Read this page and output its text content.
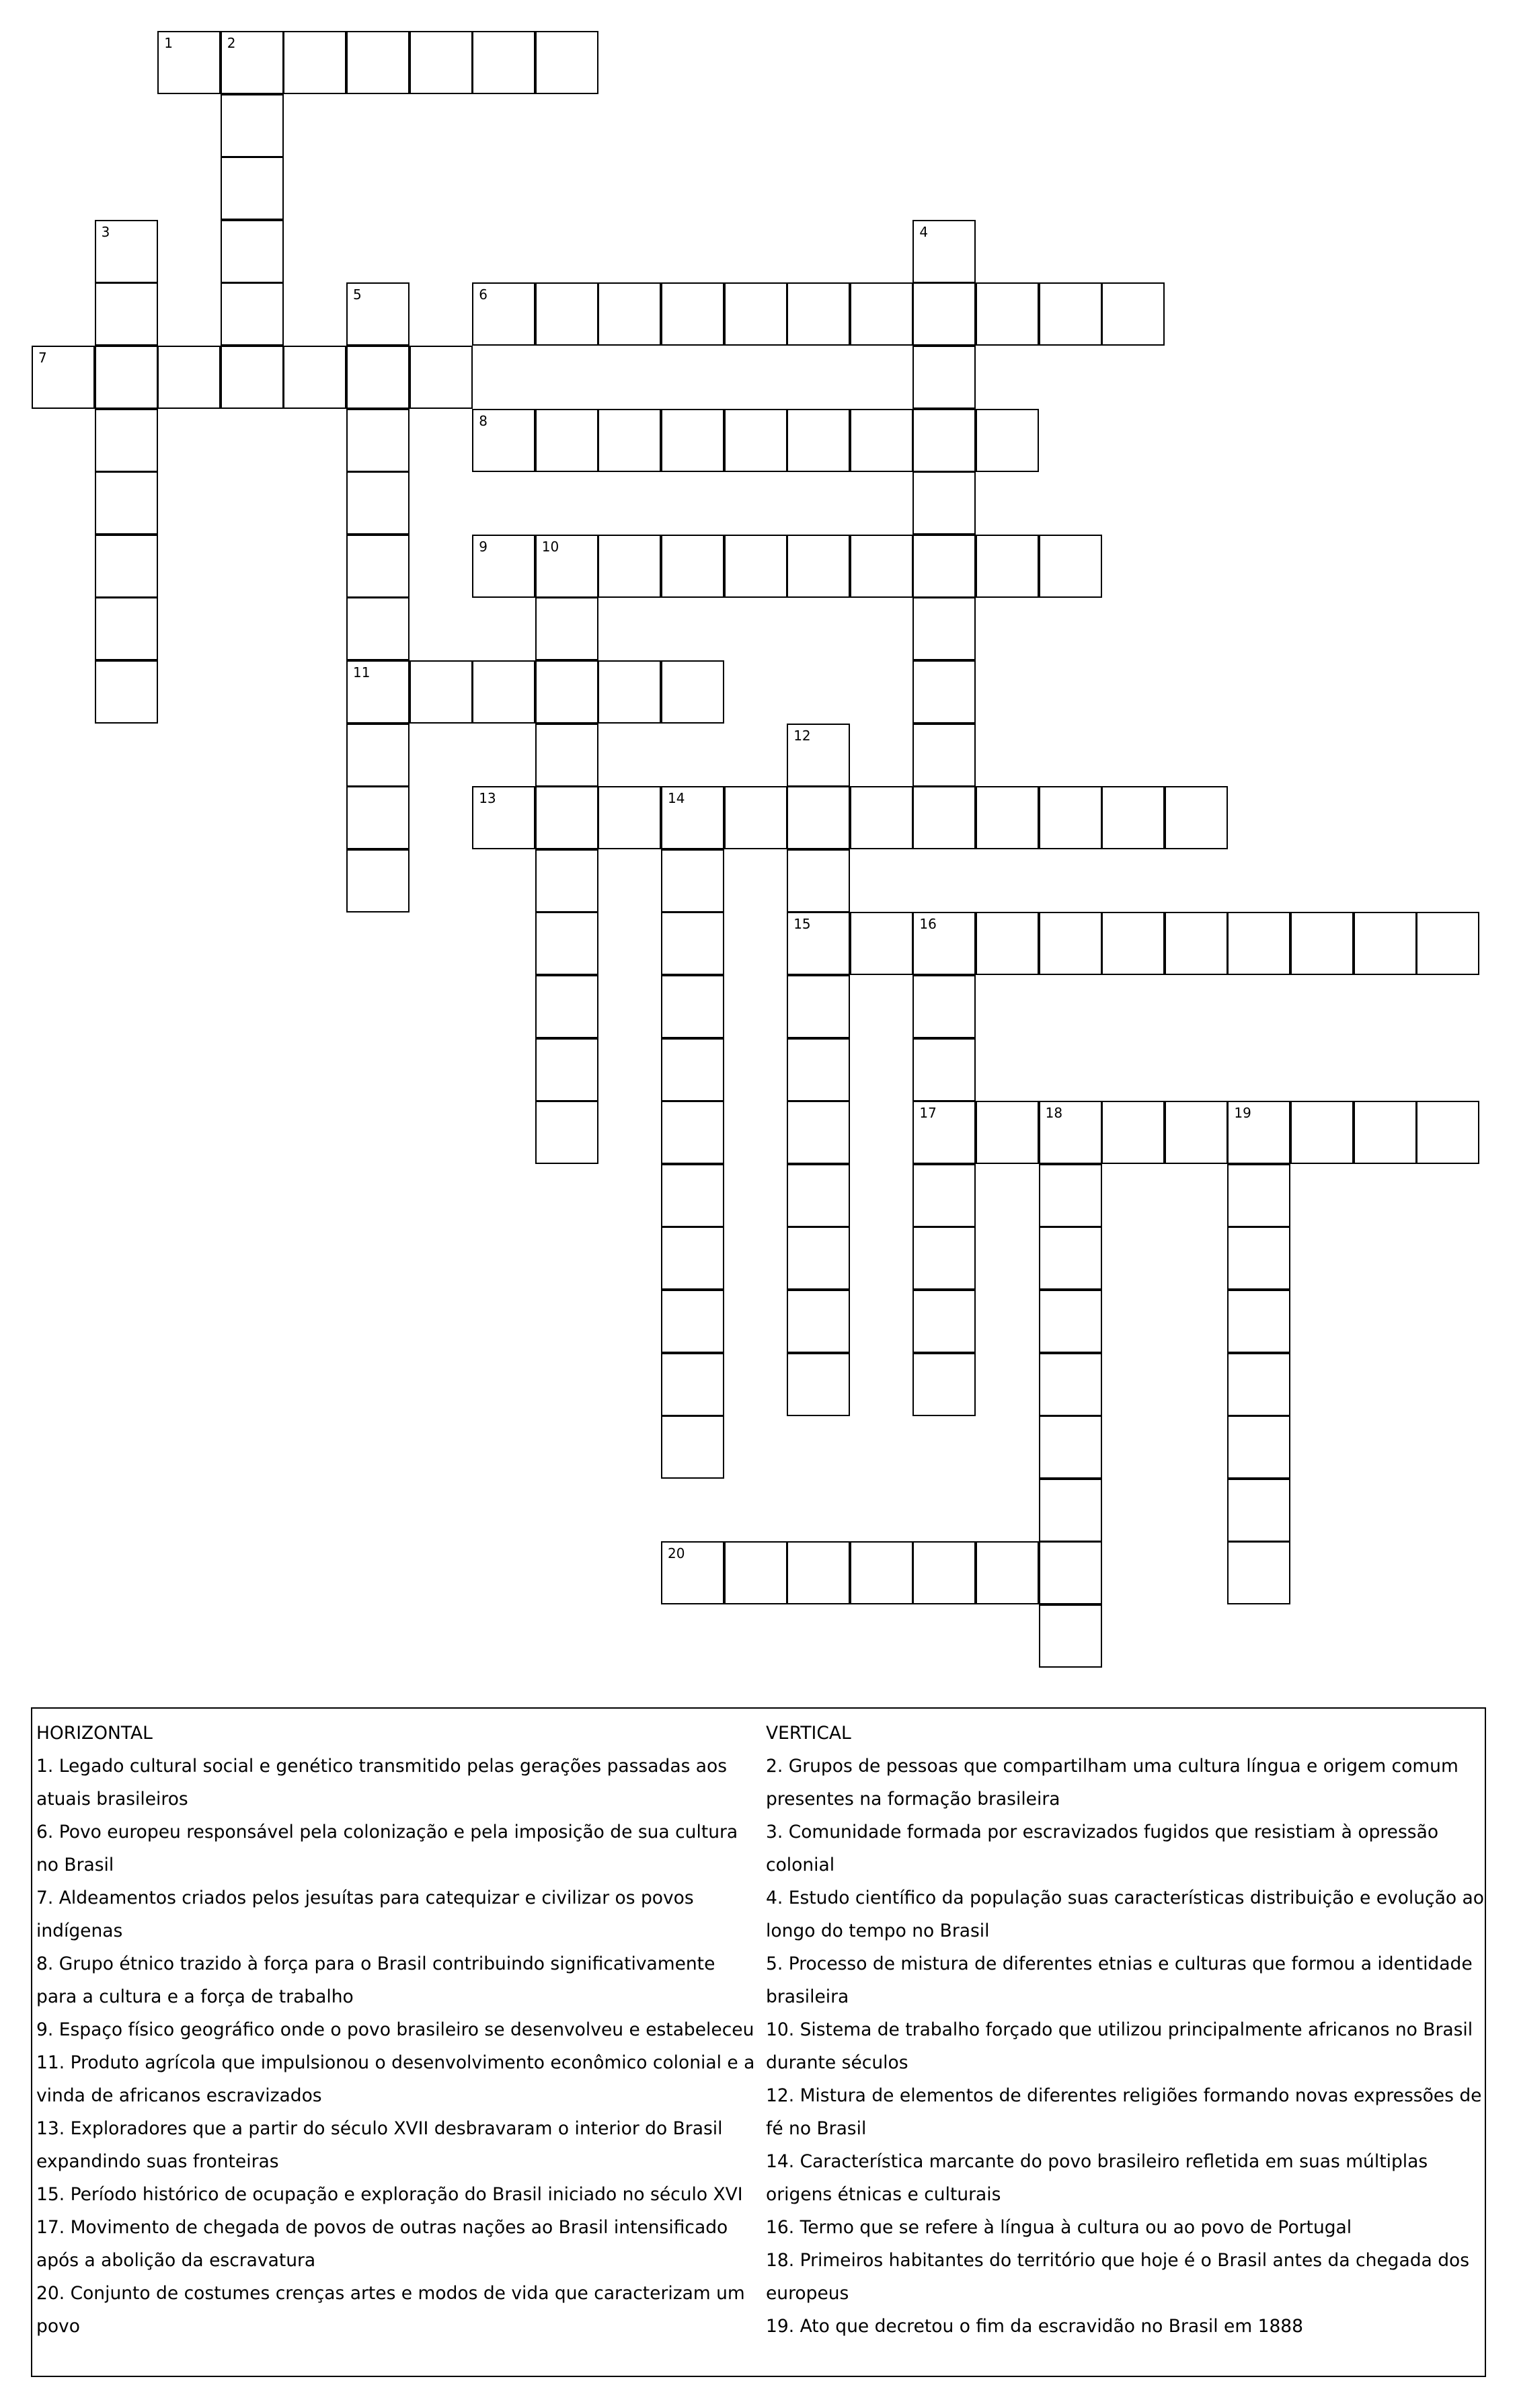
1	2
3	4
5
11
6
7
8
9	10
12
15
13	14
16
17	18	19
20
HORIZONTAL
1. Legado cultural social e genético transmitido pelas gerações passadas aos atuais brasileiros
6. Povo europeu responsável pela colonização e pela imposição de sua cultura no Brasil
7. Aldeamentos criados pelos jesuítas para catequizar e civilizar os povos indígenas
8. Grupo étnico trazido à força para o Brasil contribuindo significativamente para a cultura e a força de trabalho
9. Espaço físico geográfico onde o povo brasileiro se desenvolveu e estabeleceu
11. Produto agrícola que impulsionou o desenvolvimento econômico colonial e a vinda de africanos escravizados
13. Exploradores que a partir do século XVII desbravaram o interior do Brasil expandindo suas fronteiras
15. Período histórico de ocupação e exploração do Brasil iniciado no século XVI
17. Movimento de chegada de povos de outras nações ao Brasil intensificado após a abolição da escravatura
20. Conjunto de costumes crenças artes e modos de vida que caracterizam um povo
VERTICAL
2. Grupos de pessoas que compartilham uma cultura língua e origem comum presentes na formação brasileira
3. Comunidade formada por escravizados fugidos que resistiam à opressão colonial
4. Estudo científico da população suas características distribuição e evolução ao longo do tempo no Brasil
5. Processo de mistura de diferentes etnias e culturas que formou a identidade brasileira
10. Sistema de trabalho forçado que utilizou principalmente africanos no Brasil durante séculos
12. Mistura de elementos de diferentes religiões formando novas expressões de fé no Brasil
14. Característica marcante do povo brasileiro refletida em suas múltiplas origens étnicas e culturais
16. Termo que se refere à língua à cultura ou ao povo de Portugal
18. Primeiros habitantes do território que hoje é o Brasil antes da chegada dos europeus
19. Ato que decretou o fim da escravidão no Brasil em 1888
